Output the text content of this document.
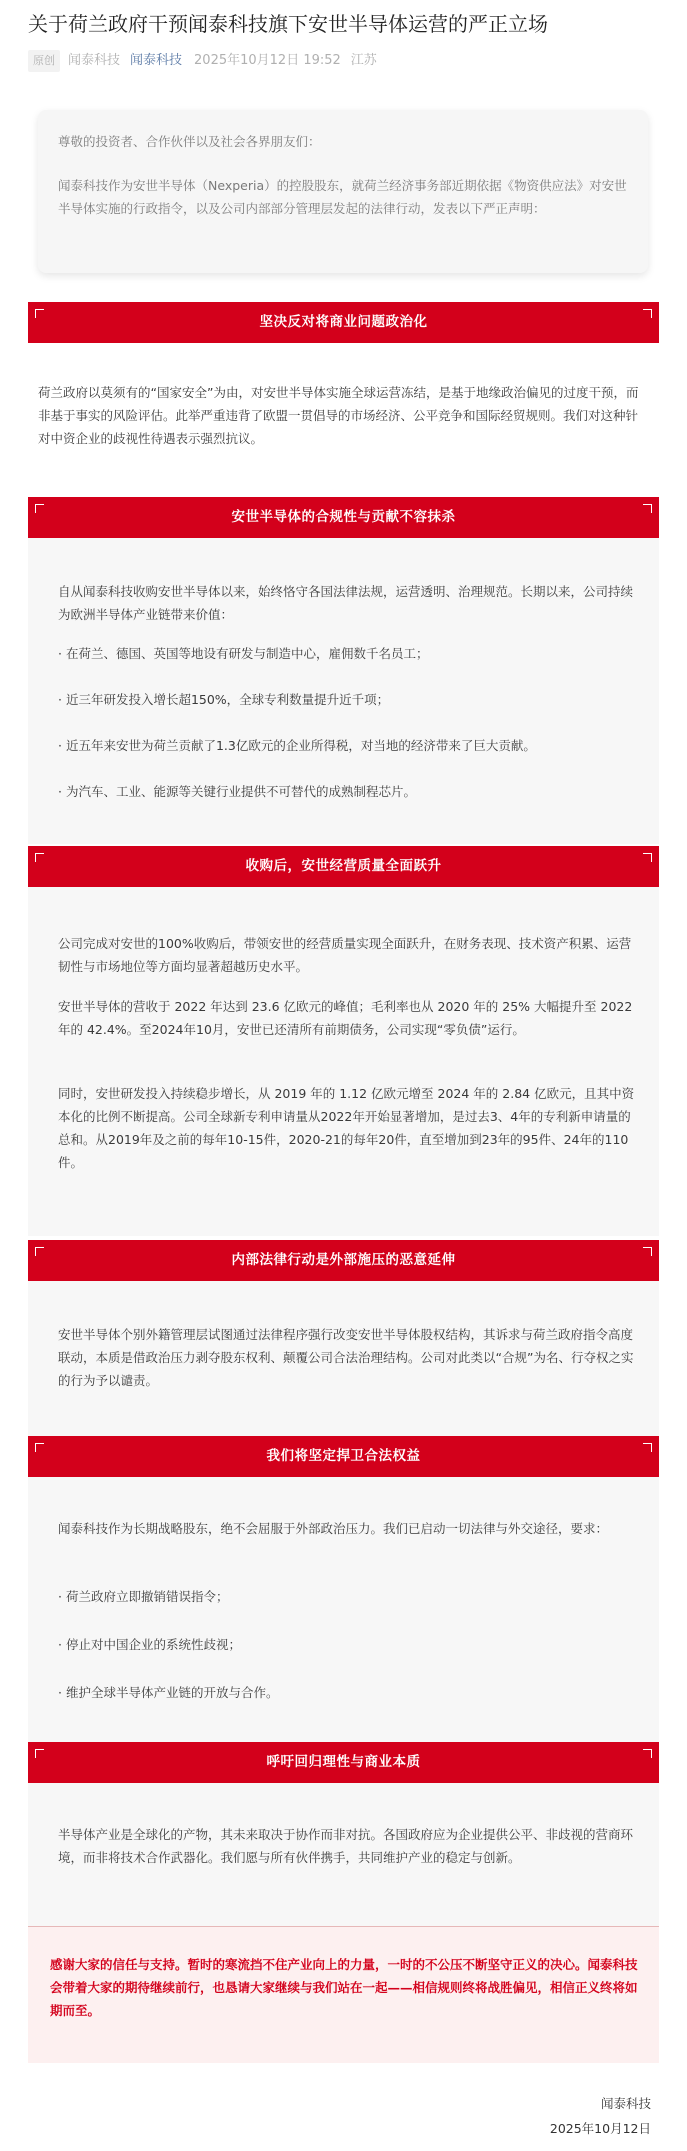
关于荷兰政府干预闻泰科技旗下安世半导体运营的严正立场
原创	闻泰科技 闻泰科技 2025年10月12日 19:52 江苏

尊敬的投资者、合作伙伴以及社会各界朋友们：

闻泰科技作为安世半导体（Nexperia）的控股股东，就荷兰经济事务部近期依据《物资供应法》对安世半导体实施的行政指令，以及公司内部部分管理层发起的法律行动，发表以下严正声明：

坚决反对将商业问题政治化

荷兰政府以莫须有的“国家安全”为由，对安世半导体实施全球运营冻结，是基于地缘政治偏见的过度干预，而非基于事实的风险评估。此举严重违背了欧盟一贯倡导的市场经济、公平竞争和国际经贸规则。我们对这种针对中资企业的歧视性待遇表示强烈抗议。

安世半导体的合规性与贡献不容抹杀

自从闻泰科技收购安世半导体以来，始终恪守各国法律法规，运营透明、治理规范。长期以来，公司持续为欧洲半导体产业链带来价值：

· 在荷兰、德国、英国等地设有研发与制造中心，雇佣数千名员工；

· 近三年研发投入增长超150%，全球专利数量提升近千项；

· 近五年来安世为荷兰贡献了1.3亿欧元的企业所得税，对当地的经济带来了巨大贡献。

· 为汽车、工业、能源等关键行业提供不可替代的成熟制程芯片。

收购后，安世经营质量全面跃升

公司完成对安世的100%收购后，带领安世的经营质量实现全面跃升，在财务表现、技术资产积累、运营韧性与市场地位等方面均显著超越历史水平。

安世半导体的营收于 2022 年达到 23.6 亿欧元的峰值；毛利率也从 2020 年的 25% 大幅提升至 2022 年的 42.4%。至2024年10月，安世已还清所有前期债务，公司实现“零负债”运行。

同时，安世研发投入持续稳步增长，从 2019 年的 1.12 亿欧元增至 2024 年的 2.84 亿欧元，且其中资本化的比例不断提高。公司全球新专利申请量从2022年开始显著增加，是过去3、4年的专利新申请量的总和。从2019年及之前的每年10-15件，2020-21的每年20件，直至增加到23年的95件、24年的110件。

内部法律行动是外部施压的恶意延伸

安世半导体个别外籍管理层试图通过法律程序强行改变安世半导体股权结构，其诉求与荷兰政府指令高度联动，本质是借政治压力剥夺股东权利、颠覆公司合法治理结构。公司对此类以“合规”为名、行夺权之实的行为予以谴责。

我们将坚定捍卫合法权益

闻泰科技作为长期战略股东，绝不会屈服于外部政治压力。我们已启动一切法律与外交途径，要求：

· 荷兰政府立即撤销错误指令；

· 停止对中国企业的系统性歧视；

· 维护全球半导体产业链的开放与合作。

呼吁回归理性与商业本质

半导体产业是全球化的产物，其未来取决于协作而非对抗。各国政府应为企业提供公平、非歧视的营商环境，而非将技术合作武器化。我们愿与所有伙伴携手，共同维护产业的稳定与创新。

感谢大家的信任与支持。暂时的寒流挡不住产业向上的力量，一时的不公压不断坚守正义的决心。闻泰科技会带着大家的期待继续前行，也恳请大家继续与我们站在一起——相信规则终将战胜偏见，相信正义终将如期而至。

闻泰科技
2025年10月12日
